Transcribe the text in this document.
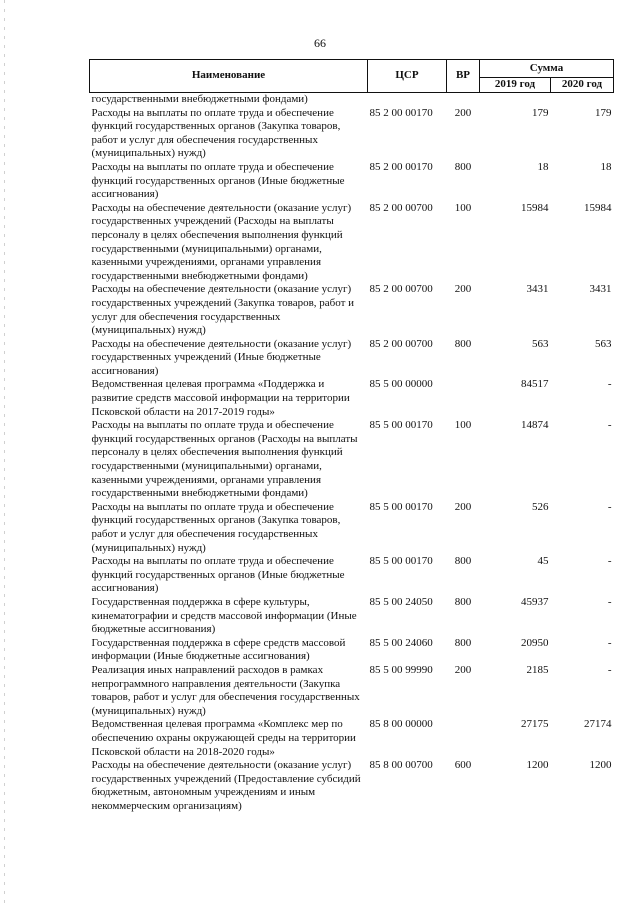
66
Наименование	ЦСР	ВР	Сумма	
			2019 год	2020 год
государственными внебюджетными фондами)				
Расходы на выплаты по оплате труда и обеспечение функций государственных органов (Закупка товаров, работ и услуг для обеспечения государственных (муниципальных) нужд)	85 2 00 00170	200	179	179
Расходы на выплаты по оплате труда и обеспечение функций государственных органов (Иные бюджетные ассигнования)	85 2 00 00170	800	18	18
Расходы на обеспечение деятельности (оказание услуг) государственных учреждений (Расходы на выплаты персоналу в целях обеспечения выполнения функций государственными (муниципальными) органами, казенными учреждениями, органами управления государственными внебюджетными фондами)	85 2 00 00700	100	15984	15984
Расходы на обеспечение деятельности (оказание услуг) государственных учреждений (Закупка товаров, работ и услуг для обеспечения государственных (муниципальных) нужд)	85 2 00 00700	200	3431	3431
Расходы на обеспечение деятельности (оказание услуг) государственных учреждений (Иные бюджетные ассигнования)	85 2 00 00700	800	563	563
Ведомственная целевая программа «Поддержка и развитие средств массовой информации на территории Псковской области на 2017-2019 годы»	85 5 00 00000		84517	-
Расходы на выплаты по оплате труда и обеспечение функций государственных органов (Расходы на выплаты персоналу в целях обеспечения выполнения функций государственными (муниципальными) органами, казенными учреждениями, органами управления государственными внебюджетными фондами)	85 5 00 00170	100	14874	-
Расходы на выплаты по оплате труда и обеспечение функций государственных органов (Закупка товаров, работ и услуг для обеспечения государственных (муниципальных) нужд)	85 5 00 00170	200	526	-
Расходы на выплаты по оплате труда и обеспечение функций государственных органов (Иные бюджетные ассигнования)	85 5 00 00170	800	45	-
Государственная поддержка в сфере культуры, кинематографии и средств массовой информации (Иные бюджетные ассигнования)	85 5 00 24050	800	45937	-
Государственная поддержка в сфере средств массовой информации (Иные бюджетные ассигнования)	85 5 00 24060	800	20950	-
Реализация иных направлений расходов в рамках непрограммного направления деятельности (Закупка товаров, работ и услуг для обеспечения государственных (муниципальных) нужд)	85 5 00 99990	200	2185	-
Ведомственная целевая программа «Комплекс мер по обеспечению охраны окружающей среды на территории Псковской области на 2018-2020 годы»	85 8 00 00000		27175	27174
Расходы на обеспечение деятельности (оказание услуг) государственных учреждений (Предоставление субсидий бюджетным, автономным учреждениям и иным некоммерческим организациям)	85 8 00 00700	600	1200	1200
